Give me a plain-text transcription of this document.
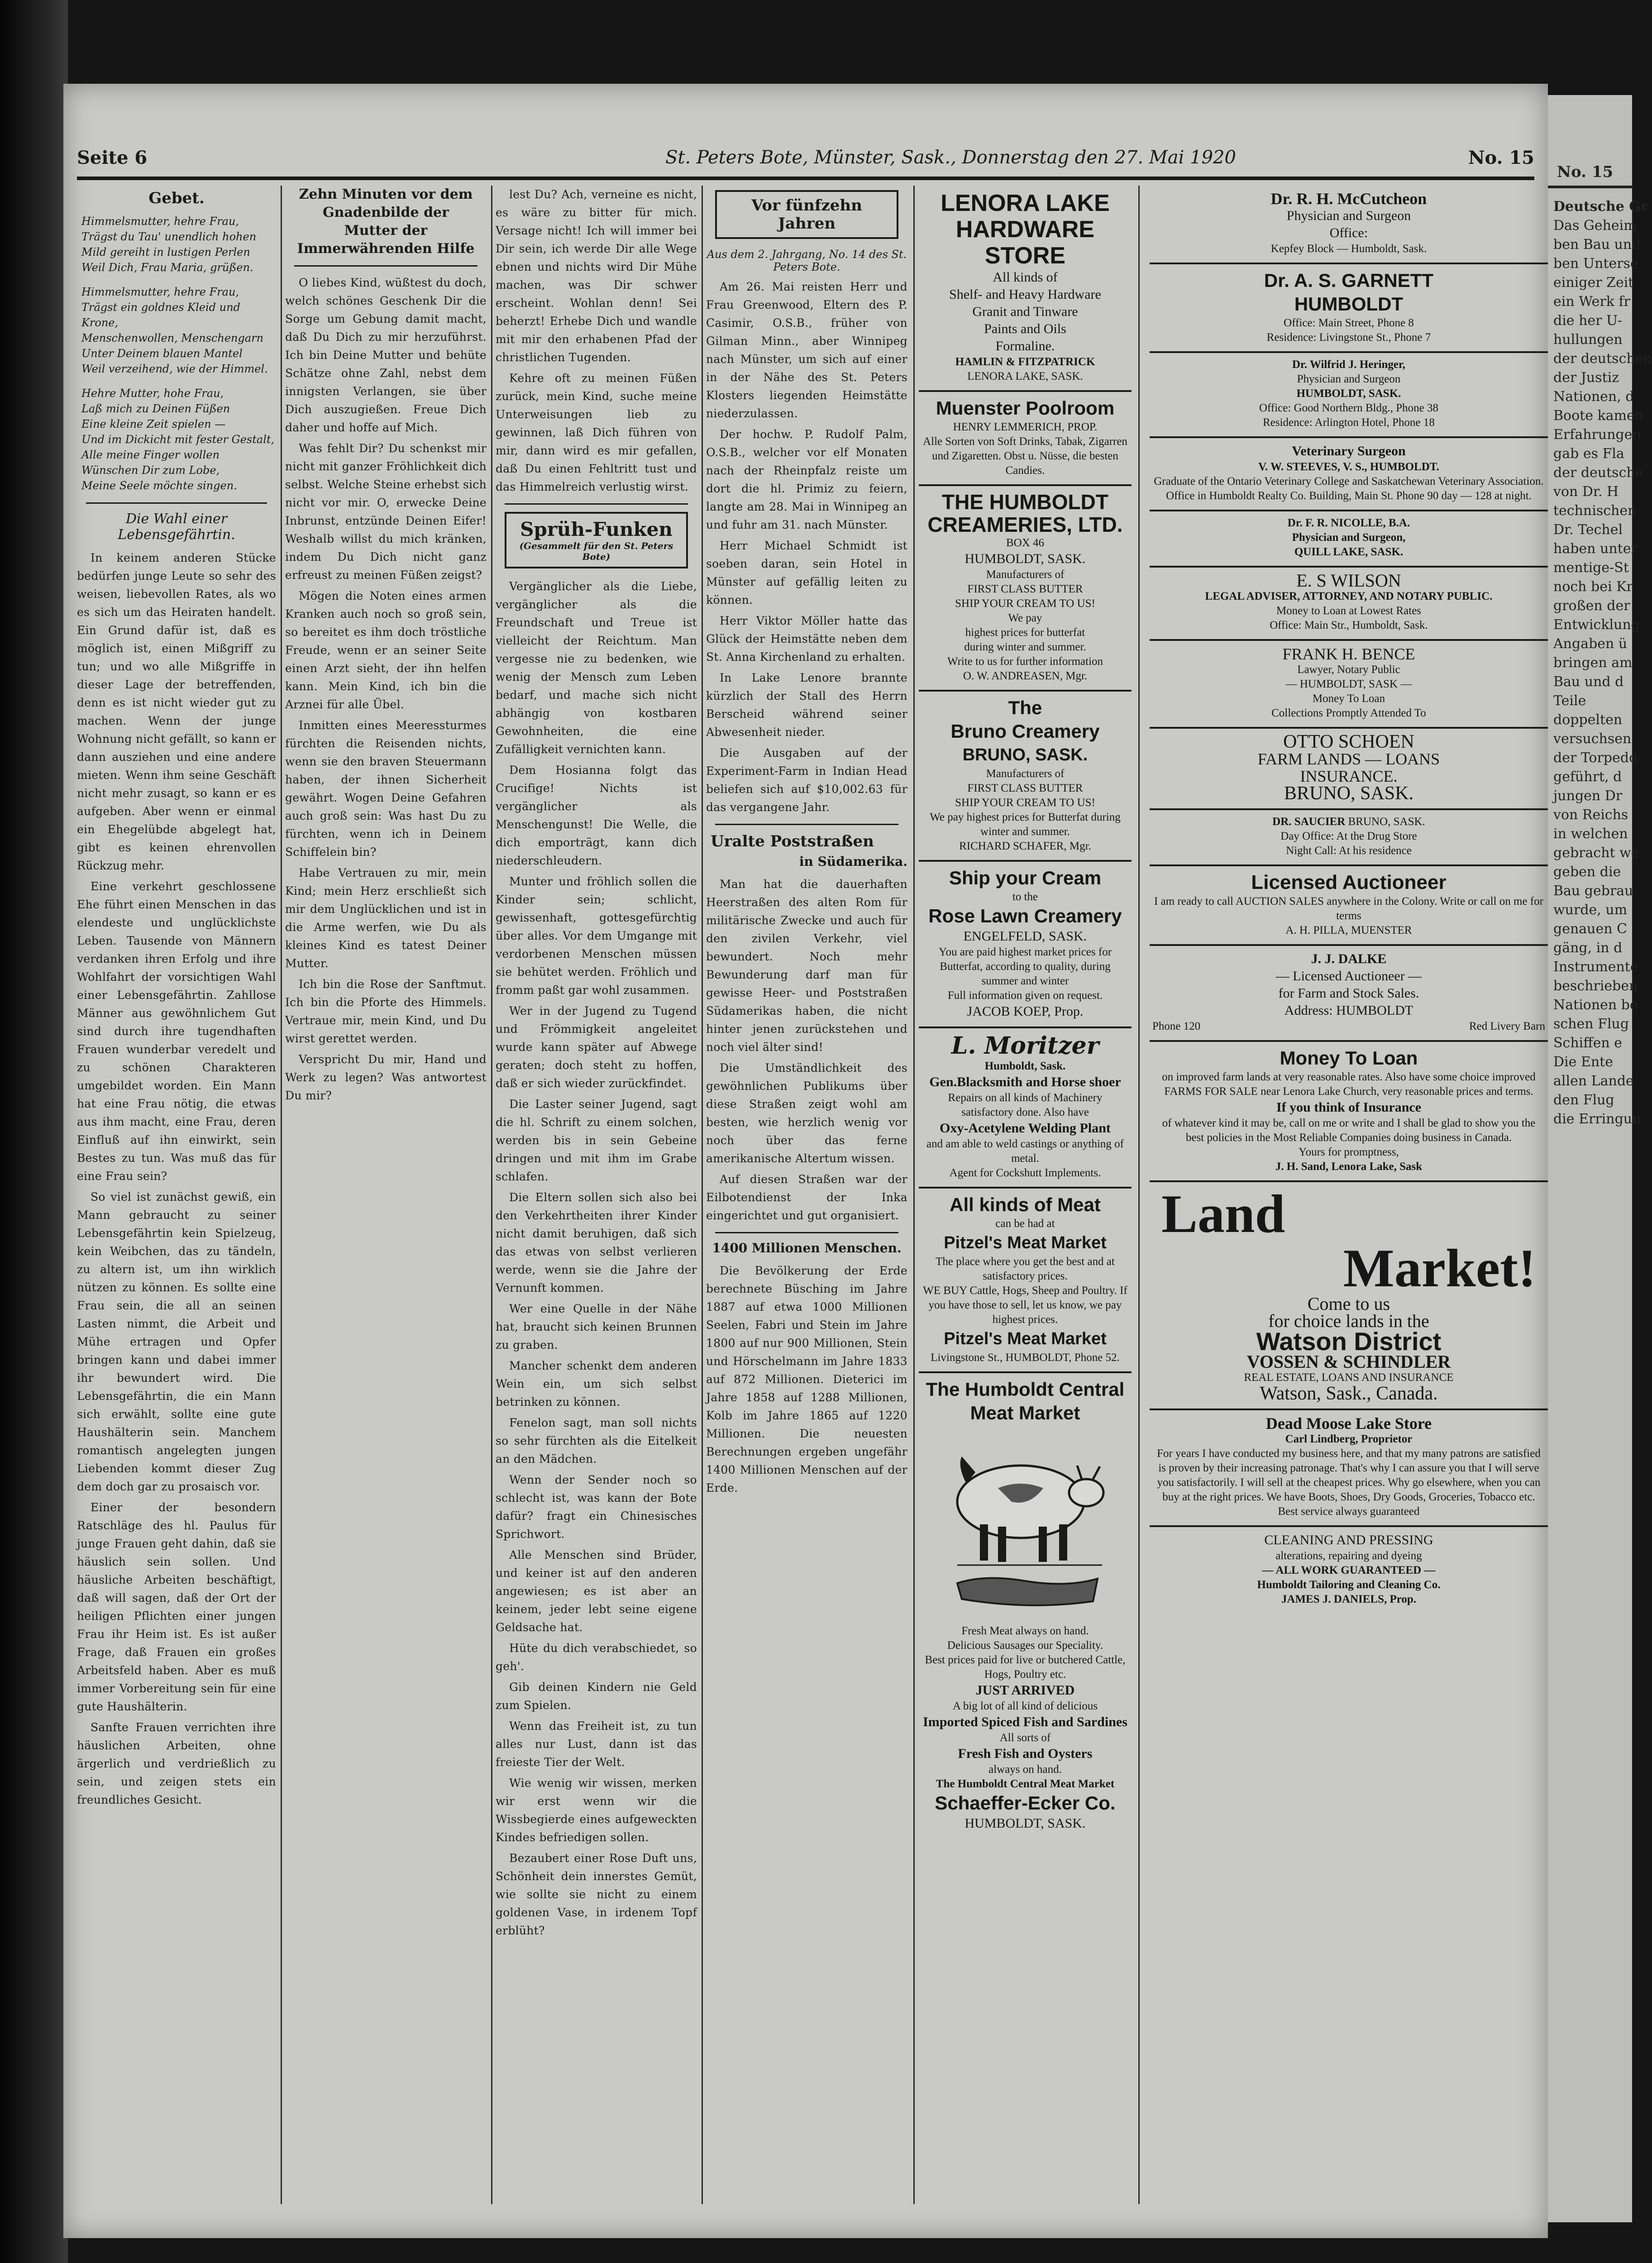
Seite 6	St. Peters Bote, Münster, Sask., Donnerstag den 27. Mai 1920	No. 15
Gebet.
Himmelsmutter, hehre Frau,
Trägst du Tau' unendlich hohen
Mild gereiht in lustigen Perlen
Weil Dich, Frau Maria, grüßen.
Himmelsmutter, hehre Frau,
Trägst ein goldnes Kleid und Krone,
Menschenwollen, Menschengarn
Unter Deinem blauen Mantel
Weil verzeihend, wie der Himmel.
Hehre Mutter, hohe Frau,
Laß mich zu Deinen Füßen
Eine kleine Zeit spielen —
Und im Dickicht mit fester Gestalt,
Alle meine Finger wollen
Wünschen Dir zum Lobe,
Meine Seele möchte singen.
Die Wahl einer Lebensgefährtin.

In keinem anderen Stücke bedürfen junge Leute so sehr des weisen, liebevollen Rates, als wo es sich um das Heiraten handelt. Ein Grund dafür ist, daß es möglich ist, einen Mißgriff zu tun; und wo alle Mißgriffe in dieser Lage der betreffenden, denn es ist nicht wieder gut zu machen. Wenn der junge Wohnung nicht gefällt, so kann er dann ausziehen und eine andere mieten. Wenn ihm seine Geschäft nicht mehr zusagt, so kann er es aufgeben. Aber wenn er einmal ein Ehegelübde abgelegt hat, gibt es keinen ehrenvollen Rückzug mehr.

Eine verkehrt geschlossene Ehe führt einen Menschen in das elendeste und unglücklichste Leben. Tausende von Männern verdanken ihren Erfolg und ihre Wohlfahrt der vorsichtigen Wahl einer Lebensgefährtin. Zahllose Männer aus gewöhnlichem Gut sind durch ihre tugendhaften Frauen wunderbar veredelt und zu schönen Charakteren umgebildet worden. Ein Mann hat eine Frau nötig, die etwas aus ihm macht, eine Frau, deren Einfluß auf ihn einwirkt, sein Bestes zu tun. Was muß das für eine Frau sein?

So viel ist zunächst gewiß, ein Mann gebraucht zu seiner Lebensgefährtin kein Spielzeug, kein Weibchen, das zu tändeln, zu altern ist, um ihn wirklich nützen zu können. Es sollte eine Frau sein, die all an seinen Lasten nimmt, die Arbeit und Mühe ertragen und Opfer bringen kann und dabei immer ihr bewundert wird. Die Lebensgefährtin, die ein Mann sich erwählt, sollte eine gute Haushälterin sein. Manchem romantisch angelegten jungen Liebenden kommt dieser Zug dem doch gar zu prosaisch vor.

Einer der besondern Ratschläge des hl. Paulus für junge Frauen geht dahin, daß sie häuslich sein sollen. Und häusliche Arbeiten beschäftigt, daß will sagen, daß der Ort der heiligen Pflichten einer jungen Frau ihr Heim ist. Es ist außer Frage, daß Frauen ein großes Arbeitsfeld haben. Aber es muß immer Vorbereitung sein für eine gute Haushälterin.

Sanfte Frauen verrichten ihre häuslichen Arbeiten, ohne ärgerlich und verdrießlich zu sein, und zeigen stets ein freundliches Gesicht.

Zehn Minuten vor dem Gnadenbilde der
Mutter der Immerwährenden Hilfe

O liebes Kind, wüßtest du doch, welch schönes Geschenk Dir die Sorge um Gebung damit macht, daß Du Dich zu mir herzuführst. Ich bin Deine Mutter und behüte Schätze ohne Zahl, nebst dem innigsten Verlangen, sie über Dich auszugießen. Freue Dich daher und hoffe auf Mich.

Was fehlt Dir? Du schenkst mir nicht mit ganzer Fröhlichkeit dich selbst. Welche Steine erhebst sich nicht vor mir. O, erwecke Deine Inbrunst, entzünde Deinen Eifer! Weshalb willst du mich kränken, indem Du Dich nicht ganz erfreust zu meinen Füßen zeigst?

Mögen die Noten eines armen Kranken auch noch so groß sein, so bereitet es ihm doch tröstliche Freude, wenn er an seiner Seite einen Arzt sieht, der ihn helfen kann. Mein Kind, ich bin die Arznei für alle Übel.

Inmitten eines Meeressturmes fürchten die Reisenden nichts, wenn sie den braven Steuermann haben, der ihnen Sicherheit gewährt. Wogen Deine Gefahren auch groß sein: Was hast Du zu fürchten, wenn ich in Deinem Schiffelein bin?

Habe Vertrauen zu mir, mein Kind; mein Herz erschließt sich mir dem Unglücklichen und ist in die Arme werfen, wie Du als kleines Kind es tatest Deiner Mutter.

Ich bin die Rose der Sanftmut. Ich bin die Pforte des Himmels. Vertraue mir, mein Kind, und Du wirst gerettet werden.

Verspricht Du mir, Hand und Werk zu legen? Was antwortest Du mir?

lest Du? Ach, verneine es nicht, es wäre zu bitter für mich. Versage nicht! Ich will immer bei Dir sein, ich werde Dir alle Wege ebnen und nichts wird Dir Mühe machen, was Dir schwer erscheint. Wohlan denn! Sei beherzt! Erhebe Dich und wandle mit mir den erhabenen Pfad der christlichen Tugenden.

Kehre oft zu meinen Füßen zurück, mein Kind, suche meine Unterweisungen lieb zu gewinnen, laß Dich führen von mir, dann wird es mir gefallen, daß Du einen Fehltritt tust und das Himmelreich verlustig wirst.

Sprüh-Funken
(Gesammelt für den St. Peters Bote)

Vergänglicher als die Liebe, vergänglicher als die Freundschaft und Treue ist vielleicht der Reichtum. Man vergesse nie zu bedenken, wie wenig der Mensch zum Leben bedarf, und mache sich nicht abhängig von kostbaren Gewohnheiten, die eine Zufälligkeit vernichten kann.

Dem Hosianna folgt das Crucifige! Nichts ist vergänglicher als Menschengunst! Die Welle, die dich emporträgt, kann dich niederschleudern.

Munter und fröhlich sollen die Kinder sein; schlicht, gewissenhaft, gottesgefürchtig über alles. Vor dem Umgange mit verdorbenen Menschen müssen sie behütet werden. Fröhlich und fromm paßt gar wohl zusammen.

Wer in der Jugend zu Tugend und Frömmigkeit angeleitet wurde kann später auf Abwege geraten; doch steht zu hoffen, daß er sich wieder zurückfindet.

Die Laster seiner Jugend, sagt die hl. Schrift zu einem solchen, werden bis in sein Gebeine dringen und mit ihm im Grabe schlafen.

Die Eltern sollen sich also bei den Verkehrtheiten ihrer Kinder nicht damit beruhigen, daß sich das etwas von selbst verlieren werde, wenn sie die Jahre der Vernunft kommen.

Wer eine Quelle in der Nähe hat, braucht sich keinen Brunnen zu graben.

Mancher schenkt dem anderen Wein ein, um sich selbst betrinken zu können.

Fenelon sagt, man soll nichts so sehr fürchten als die Eitelkeit an den Mädchen.

Wenn der Sender noch so schlecht ist, was kann der Bote dafür? fragt ein Chinesisches Sprichwort.

Alle Menschen sind Brüder, und keiner ist auf den anderen angewiesen; es ist aber an keinem, jeder lebt seine eigene Geldsache hat.

Hüte du dich verabschiedet, so geh'.

Gib deinen Kindern nie Geld zum Spielen.

Wenn das Freiheit ist, zu tun alles nur Lust, dann ist das freieste Tier der Welt.

Wie wenig wir wissen, merken wir erst wenn wir die Wissbegierde eines aufgeweckten Kindes befriedigen sollen.

Bezaubert einer Rose Duft uns, Schönheit dein innerstes Gemüt, wie sollte sie nicht zu einem goldenen Vase, in irdenem Topf erblüht?

Vor fünfzehn Jahren
Aus dem 2. Jahrgang, No. 14 des St. Peters Bote.

Am 26. Mai reisten Herr und Frau Greenwood, Eltern des P. Casimir, O.S.B., früher von Gilman Minn., aber Winnipeg nach Münster, um sich auf einer in der Nähe des St. Peters Klosters liegenden Heimstätte niederzulassen.

Der hochw. P. Rudolf Palm, O.S.B., welcher vor elf Monaten nach der Rheinpfalz reiste um dort die hl. Primiz zu feiern, langte am 28. Mai in Winnipeg an und fuhr am 31. nach Münster.

Herr Michael Schmidt ist soeben daran, sein Hotel in Münster auf gefällig leiten zu können.

Herr Viktor Möller hatte das Glück der Heimstätte neben dem St. Anna Kirchenland zu erhalten.

In Lake Lenore brannte kürzlich der Stall des Herrn Berscheid während seiner Abwesenheit nieder.

Die Ausgaben auf der Experiment-Farm in Indian Head beliefen sich auf $10,002.63 für das vergangene Jahr.

Uralte Poststraßen
in Südamerika.

Man hat die dauerhaften Heerstraßen des alten Rom für militärische Zwecke und auch für den zivilen Verkehr, viel bewundert. Noch mehr Bewunderung darf man für gewisse Heer- und Poststraßen Südamerikas haben, die nicht hinter jenen zurückstehen und noch viel älter sind!

Die Umständlichkeit des gewöhnlichen Publikums über diese Straßen zeigt wohl am besten, wie herzlich wenig vor noch über das ferne amerikanische Altertum wissen.

Auf diesen Straßen war der Eilbotendienst der Inka eingerichtet und gut organisiert.

1400 Millionen Menschen.

Die Bevölkerung der Erde berechnete Büsching im Jahre 1887 auf etwa 1000 Millionen Seelen, Fabri und Stein im Jahre 1800 auf nur 900 Millionen, Stein und Hörschelmann im Jahre 1833 auf 872 Millionen. Dieterici im Jahre 1858 auf 1288 Millionen, Kolb im Jahre 1865 auf 1220 Millionen. Die neuesten Berechnungen ergeben ungefähr 1400 Millionen Menschen auf der Erde.

LENORA LAKE HARDWARE STORE
All kinds of
Shelf- and Heavy Hardware
Granit and Tinware
Paints and Oils
Formaline.
HAMLIN & FITZPATRICK
LENORA LAKE, SASK.
Muenster Poolroom
HENRY LEMMERICH, PROP.
Alle Sorten von Soft Drinks, Tabak, Zigarren und Zigaretten. Obst u. Nüsse, die besten Candies.
THE HUMBOLDT CREAMERIES, LTD.
BOX 46
HUMBOLDT, SASK.
Manufacturers of
FIRST CLASS BUTTER
SHIP YOUR CREAM TO US!
We pay
highest prices for butterfat
during winter and summer.
Write to us for further information
O. W. ANDREASEN, Mgr.
The
Bruno Creamery
BRUNO, SASK.
Manufacturers of
FIRST CLASS BUTTER
SHIP YOUR CREAM TO US!
We pay highest prices for Butterfat during winter and summer.
RICHARD SCHAFER, Mgr.
Ship your Cream
to the
Rose Lawn Creamery
ENGELFELD, SASK.
You are paid highest market prices for Butterfat, according to quality, during summer and winter
Full information given on request.
JACOB KOEP, Prop.
L. Moritzer
Humboldt, Sask.
Gen.Blacksmith and Horse shoer
Repairs on all kinds of Machinery satisfactory done. Also have
Oxy-Acetylene Welding Plant
and am able to weld castings or anything of metal.
Agent for Cockshutt Implements.
All kinds of Meat
can be had at
Pitzel's Meat Market
The place where you get the best and at satisfactory prices.
WE BUY Cattle, Hogs, Sheep and Poultry. If you have those to sell, let us know, we pay highest prices.
Pitzel's Meat Market
Livingstone St., HUMBOLDT, Phone 52.
The Humboldt Central Meat Market
Fresh Meat always on hand.
Delicious Sausages our Speciality.
Best prices paid for live or butchered Cattle, Hogs, Poultry etc.
JUST ARRIVED
A big lot of all kind of delicious
Imported Spiced Fish and Sardines
All sorts of
Fresh Fish and Oysters
always on hand.
The Humboldt Central Meat Market
Schaeffer-Ecker Co.
HUMBOLDT, SASK.
Dr. R. H. McCutcheon
Physician and Surgeon
Office:
Kepfey Block — Humboldt, Sask.
Dr. A. S. GARNETT
HUMBOLDT
Office: Main Street, Phone 8
Residence: Livingstone St., Phone 7
Dr. Wilfrid J. Heringer,
Physician and Surgeon
HUMBOLDT, SASK.
Office: Good Northern Bldg., Phone 38
Residence: Arlington Hotel, Phone 18
Veterinary Surgeon
V. W. STEEVES, V. S., HUMBOLDT.
Graduate of the Ontario Veterinary College and Saskatchewan Veterinary Association.
Office in Humboldt Realty Co. Building, Main St. Phone 90 day — 128 at night.
Dr. F. R. NICOLLE, B.A.
Physician and Surgeon,
QUILL LAKE, SASK.
E. S WILSON
LEGAL ADVISER, ATTORNEY, AND NOTARY PUBLIC.
Money to Loan at Lowest Rates
Office: Main Str., Humboldt, Sask.
FRANK H. BENCE
Lawyer, Notary Public
— HUMBOLDT, SASK —
Money To Loan
Collections Promptly Attended To
OTTO SCHOEN
FARM LANDS — LOANS
INSURANCE.
BRUNO, SASK.
DR. SAUCIER BRUNO, SASK.
Day Office: At the Drug Store
Night Call: At his residence
Licensed Auctioneer
I am ready to call AUCTION SALES anywhere in the Colony. Write or call on me for terms
A. H. PILLA, MUENSTER
J. J. DALKE
— Licensed Auctioneer —
for Farm and Stock Sales.
Address: HUMBOLDT
Phone 120	Red Livery Barn
Money To Loan
on improved farm lands at very reasonable rates. Also have some choice improved FARMS FOR SALE near Lenora Lake Church, very reasonable prices and terms.
If you think of Insurance
of whatever kind it may be, call on me or write and I shall be glad to show you the best policies in the Most Reliable Companies doing business in Canada.
Yours for promptness,
J. H. Sand, Lenora Lake, Sask
Land
Market!
Come to us
for choice lands in the
Watson District
VOSSEN & SCHINDLER
REAL ESTATE, LOANS AND INSURANCE
Watson, Sask., Canada.
Dead Moose Lake Store
Carl Lindberg, Proprietor
For years I have conducted my business here, and that my many patrons are satisfied is proven by their increasing patronage. That's why I can assure you that I will serve you satisfactorily. I will sell at the cheapest prices. Why go elsewhere, when you can buy at the right prices. We have Boots, Shoes, Dry Goods, Groceries, Tobacco etc.
Best service always guaranteed
CLEANING AND PRESSING
alterations, repairing and dyeing
— ALL WORK GUARANTEED —
Humboldt Tailoring and Cleaning Co.
JAMES J. DANIELS, Prop.
No. 15
Deutsche Gr
Das Geheim
ben Bau und
ben Unterse
einiger Zeit
ein Werk fr
die her U-
hullungen
der deutschen
der Justiz
Nationen, d
Boote kamen
Erfahrungen
gab es Fla
der deutsche
von Dr. H
technischen
Dr. Techel
haben unter
mentige-St
noch bei Kr
großen der
Entwicklung
Angaben ü
bringen am
Bau und d
Teile
doppelten
versuchsen
der Torpedo
geführt, d
jungen Dr
von Reichs
in welchen
gebracht we
geben die
Bau gebrau
wurde, um
genauen C
gäng, in d
Instrumente
beschrieben
Nationen be
schen Flug
Schiffen e
Die Ente
allen Lande
den Flug
die Erringun
